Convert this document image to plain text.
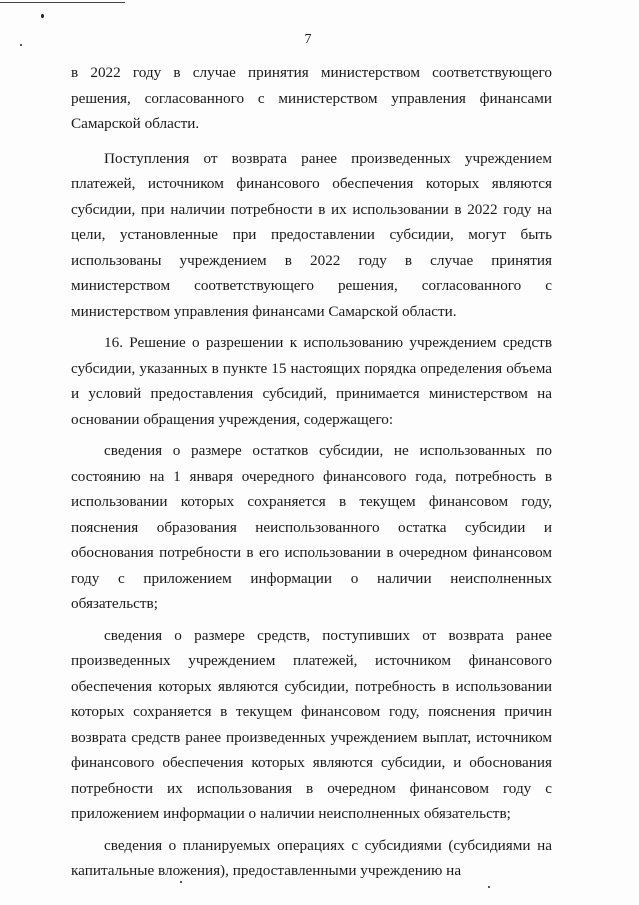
7

в 2022 году в случае принятия министерством соответствующего решения, согласованного с министерством управления финансами Самарской области.

Поступления от возврата ранее произведенных учреждением платежей, источником финансового обеспечения которых являются субсидии, при наличии потребности в их использовании в 2022 году на цели, установленные при предоставлении субсидии, могут быть использованы учреждением в 2022 году в случае принятия министерством соответствующего решения, согласованного с министерством управления финансами Самарской области.

16. Решение о разрешении к использованию учреждением средств субсидии, указанных в пункте 15 настоящих порядка определения объема и условий предоставления субсидий, принимается министерством на основании обращения учреждения, содержащего:

сведения о размере остатков субсидии, не использованных по состоянию на 1 января очередного финансового года, потребность в использовании которых сохраняется в текущем финансовом году, пояснения образования неиспользованного остатка субсидии и обоснования потребности в его использовании в очередном финансовом году с приложением информации о наличии неисполненных обязательств;

сведения о размере средств, поступивших от возврата ранее произведенных учреждением платежей, источником финансового обеспечения которых являются субсидии, потребность в использовании которых сохраняется в текущем финансовом году, пояснения причин возврата средств ранее произведенных учреждением выплат, источником финансового обеспечения которых являются субсидии, и обоснования потребности их использования в очередном финансовом году с приложением информации о наличии неисполненных обязательств;

сведения о планируемых операциях с субсидиями (субсидиями на капитальные вложения), предоставленными учреждению на
